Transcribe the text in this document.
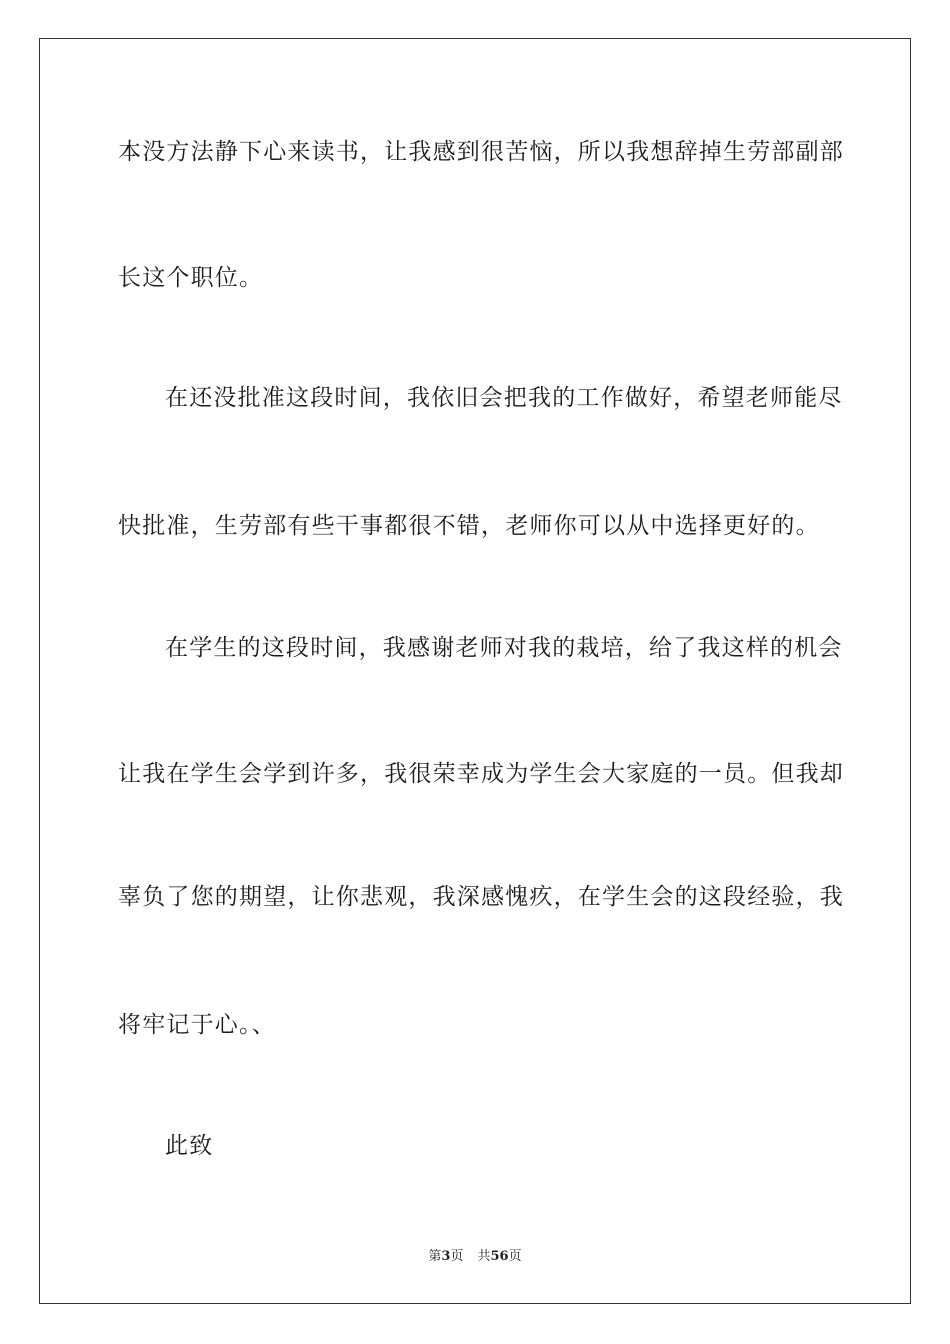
本没方法静下心来读书，让我感到很苦恼，所以我想辞掉生劳部副部
长这个职位。
在还没批准这段时间，我依旧会把我的工作做好，希望老师能尽
快批准，生劳部有些干事都很不错，老师你可以从中选择更好的。
在学生的这段时间，我感谢老师对我的栽培，给了我这样的机会
让我在学生会学到许多，我很荣幸成为学生会大家庭的一员。但我却
辜负了您的期望，让你悲观，我深感愧疚，在学生会的这段经验，我
将牢记于心。、
此致
第3页 共56页
